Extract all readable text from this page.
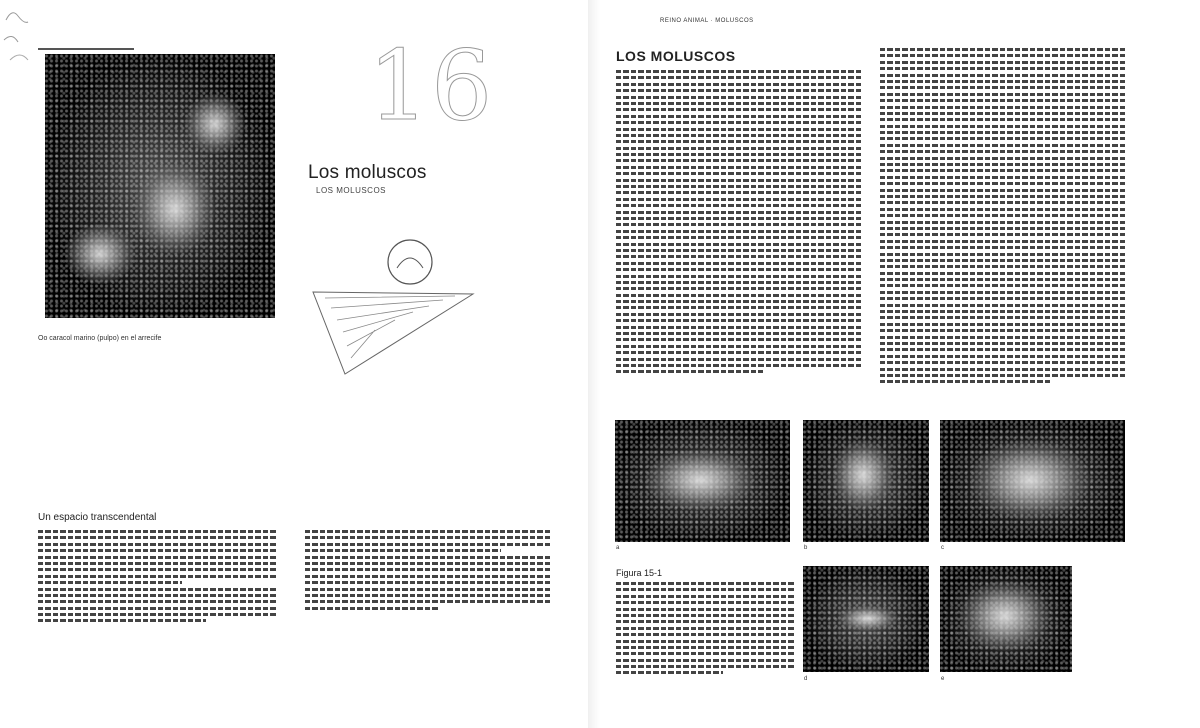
Oo caracol marino (pulpo) en el arrecife
16
Los moluscos
LOS MOLUSCOS
Un espacio transcendental
REINO ANIMAL · MOLUSCOS
LOS MOLUSCOS
a	b	c
Figura 15-1
d	e
